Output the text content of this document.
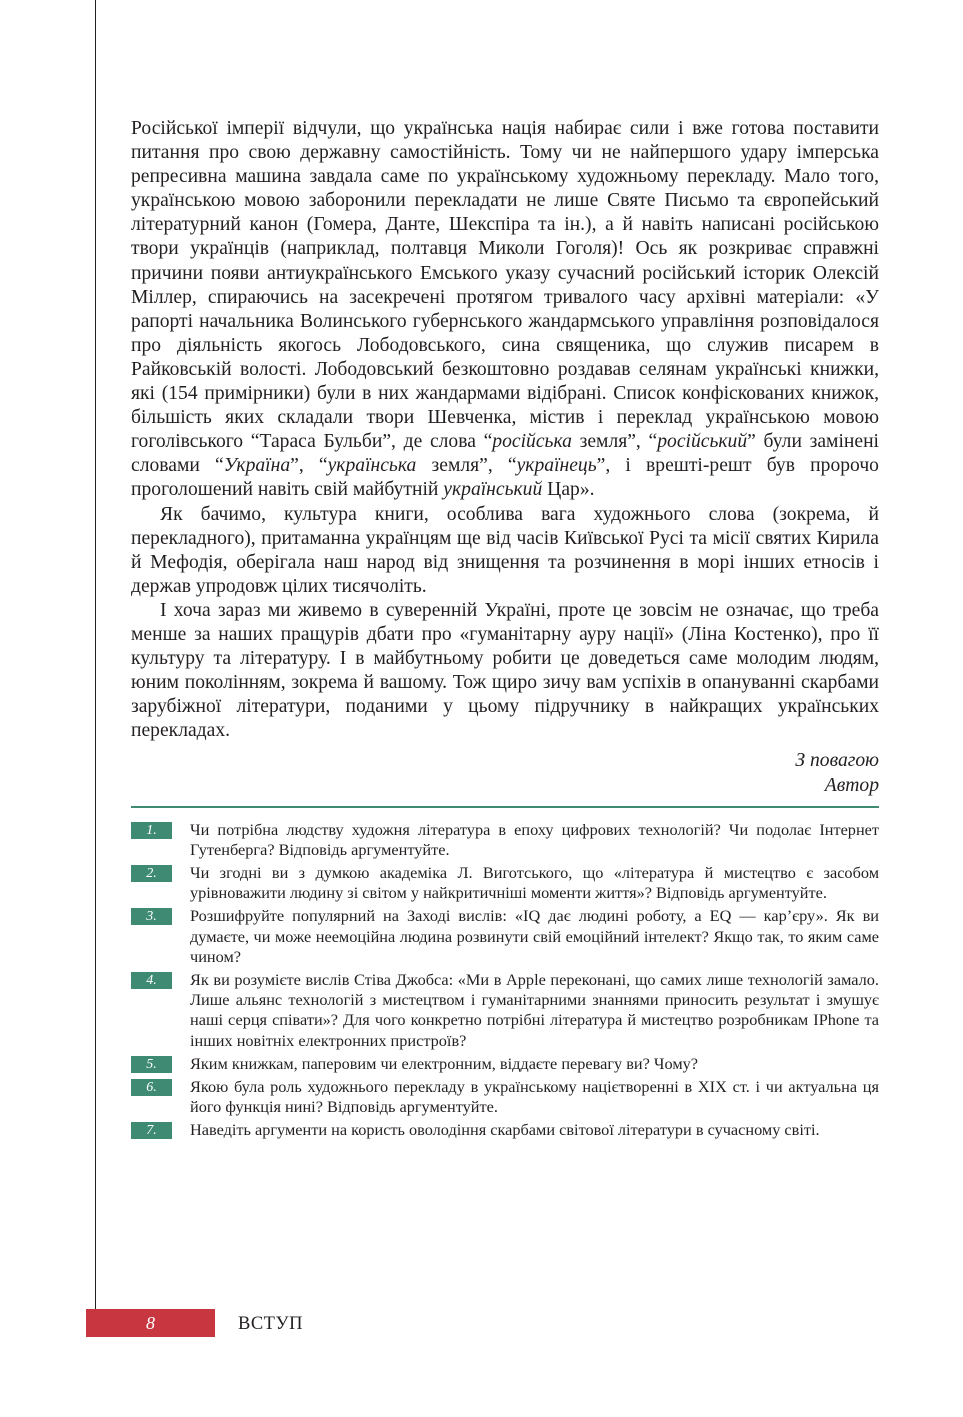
Російської імперії відчули, що українська нація набирає сили і вже готова поставити питання про свою державну самостійність. Тому чи не найпершого удару імперська репресивна машина завдала саме по українському художньому перекладу. Мало того, українською мовою заборонили перекладати не лише Святе Письмо та європейський літературний канон (Гомера, Данте, Шекспіра та ін.), а й навіть написані російською твори українців (наприклад, полтавця Миколи Гоголя)! Ось як розкриває справжні причини появи антиукраїнського Емського указу сучасний російський історик Олексій Міллер, спираючись на засекречені протягом тривалого часу архівні матеріали: «У рапорті начальника Волинського губернського жандармського управління розповідалося про діяльність якогось Лободовського, сина священика, що служив писарем в Райковській волості. Лободовський безкоштовно роздавав селянам українські книжки, які (154 примірники) були в них жандармами відібрані. Список конфіскованих книжок, більшість яких складали твори Шевченка, містив і переклад українською мовою гоголівського “Тараса Бульби”, де слова “російська земля”, “російський” були замінені словами “Україна”, “українська земля”, “українець”, і врешті-решт був пророчо проголошений навіть свій майбутній український Цар».

Як бачимо, культура книги, особлива вага художнього слова (зокрема, й перекладного), притаманна українцям ще від часів Київської Русі та місії святих Кирила й Мефодія, оберігала наш народ від знищення та розчинення в морі інших етносів і держав упродовж цілих тисячоліть.

І хоча зараз ми живемо в суверенній Україні, проте це зовсім не означає, що треба менше за наших пращурів дбати про «гуманітарну ауру нації» (Ліна Костенко), про її культуру та літературу. І в майбутньому робити це доведеться саме молодим людям, юним поколінням, зокрема й вашому. Тож щиро зичу вам успіхів в опануванні скарбами зарубіжної літератури, поданими у цьому підручнику в найкращих українських перекладах.

З повагою
Автор
1.	Чи потрібна людству художня література в епоху цифрових технологій? Чи подолає Інтернет Гутенберга? Відповідь аргументуйте.
2.	Чи згодні ви з думкою академіка Л. Виготського, що «література й мистецтво є засобом урівноважити людину зі світом у найкритичніші моменти життя»? Відповідь аргументуйте.
3.	Розшифруйте популярний на Заході вислів: «IQ дає людині роботу, а EQ — кар’єру». Як ви думаєте, чи може неемоційна людина розвинути свій емоційний інтелект? Якщо так, то яким саме чином?
4.	Як ви розумієте вислів Стіва Джобса: «Ми в Apple переконані, що самих лише технологій замало. Лише альянс технологій з мистецтвом і гуманітарними знаннями приносить результат і змушує наші серця співати»? Для чого конкретно потрібні література й мистецтво розробникам IPhone та інших новітніх електронних пристроїв?
5.	Яким книжкам, паперовим чи електронним, віддаєте перевагу ви? Чому?
6.	Якою була роль художнього перекладу в українському націєтворенні в XIX ст. і чи актуальна ця його функція нині? Відповідь аргументуйте.
7.	Наведіть аргументи на користь оволодіння скарбами світової літератури в сучасному світі.
8	ВСТУП
